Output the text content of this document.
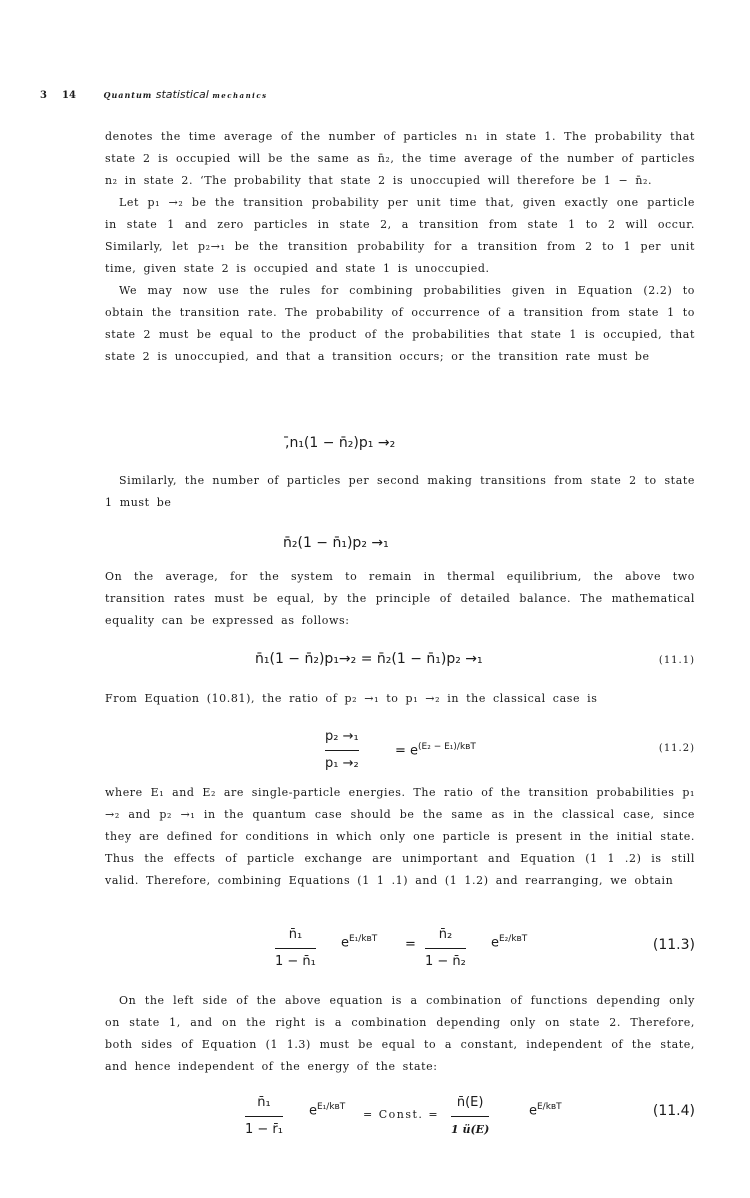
3 14	Quantum statistical mechanics

denotes the time average of the number of particles n₁ in state 1. The probability that state 2 is occupied will be the same as n̄₂, the time average of the number of particles n₂ in state 2. ‘The probability that state 2 is unoccupied will therefore be 1 − n̄₂.

Let p₁ →₂ be the transition probability per unit time that, given exactly one particle in state 1 and zero particles in state 2, a transition from state 1 to 2 will occur. Similarly, let p₂→₁ be the transition probability for a transition from 2 to 1 per unit time, given state 2 is occupied and state 1 is unoccupied.

We may now use the rules for combining probabilities given in Equation (2.2) to obtain the transition rate. The probability of occurrence of a transition from state 1 to state 2 must be equal to the product of the probabilities that state 1 is occupied, that state 2 is unoccupied, and that a transition occurs; or the transition rate must be

,̄n₁(1 − n̄₂)p₁ →₂

Similarly, the number of particles per second making transitions from state 2 to state 1 must be

n̄₂(1 − n̄₁)p₂ →₁

On the average, for the system to remain in thermal equilibrium, the above two transition rates must be equal, by the principle of detailed balance. The mathematical equality can be expressed as follows:

n̄₁(1 − n̄₂)p₁→₂ = n̄₂(1 − n̄₁)p₂ →₁	(11.1)

From Equation (10.81), the ratio of p₂ →₁ to p₁ →₂ in the classical case is

p₂ →₁
p₁ →₂
= $e^{(E_2 - E_1)/kʙT}$	(11.2)

where E₁ and E₂ are single-particle energies. The ratio of the transition probabilities p₁ →₂ and p₂ →₁ in the quantum case should be the same as in the classical case, since they are defined for conditions in which only one particle is present in the initial state. Thus the effects of particle exchange are unimportant and Equation (1 1 .2) is still valid. Therefore, combining Equations (1 1 .1) and (1 1.2) and rearranging, we obtain

n̄₁
1 − n̄₁
$e^{E_1/kʙT}$ =
n̄₂
1 − n̄₂
$e^{E_2/kʙT}$	(11.3)

On the left side of the above equation is a combination of functions depending only on state 1, and on the right is a combination depending only on state 2. Therefore, both sides of Equation (1 1.3) must be equal to a constant, independent of the state, and hence independent of the energy of the state:

n̄₁
1 − r̄₁
$e^{E_1/kʙT}$
= Const. =
n̄(E)
1 ü(E)
$e^{E/kʙT}$	(11.4)
